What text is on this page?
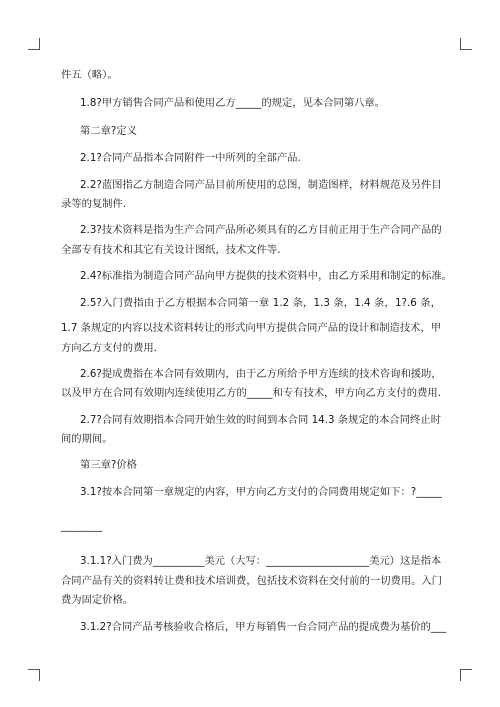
件五（略）。

1.8?甲方销售合同产品和使用乙方_____的规定，见本合同第八章。

第二章?定义

2.1?合同产品指本合同附件一中所列的全部产品.

2.2?蓝图指乙方制造合同产品目前所使用的总图，制造图样，材料规范及另件目

录等的复制件.

2.3?技术资料是指为生产合同产品所必须具有的乙方目前正用于生产合同产品的

全部专有技术和其它有关设计图纸，技术文件等.

2.4?标准指为制造合同产品向甲方提供的技术资料中，由乙方采用和制定的标准。

2.5?入门费指由于乙方根据本合同第一章 1.2 条，1.3 条，1.4 条，1?.6 条，

1.7 条规定的内容以技术资料转让的形式向甲方提供合同产品的设计和制造技术，甲

方向乙方支付的费用.

2.6?提成费指在本合同有效期内，由于乙方所给予甲方连续的技术咨询和援助，

以及甲方在合同有效期内连续使用乙方的_____和专有技术，甲方向乙方支付的费用.

2.7?合同有效期指本合同开始生效的时间到本合同 14.3 条规定的本合同终止时

间的期间。

第三章?价格

3.1?按本合同第一章规定的内容，甲方向乙方支付的合同费用规定如下：?_____

________

3.1.1?入门费为__________美元（大写：____________________美元）这是指本

合同产品有关的资料转让费和技术培训费，包括技术资料在交付前的一切费用。入门

费为固定价格。

3.1.2?合同产品考核验收合格后，甲方每销售一台合同产品的提成费为基价的___
